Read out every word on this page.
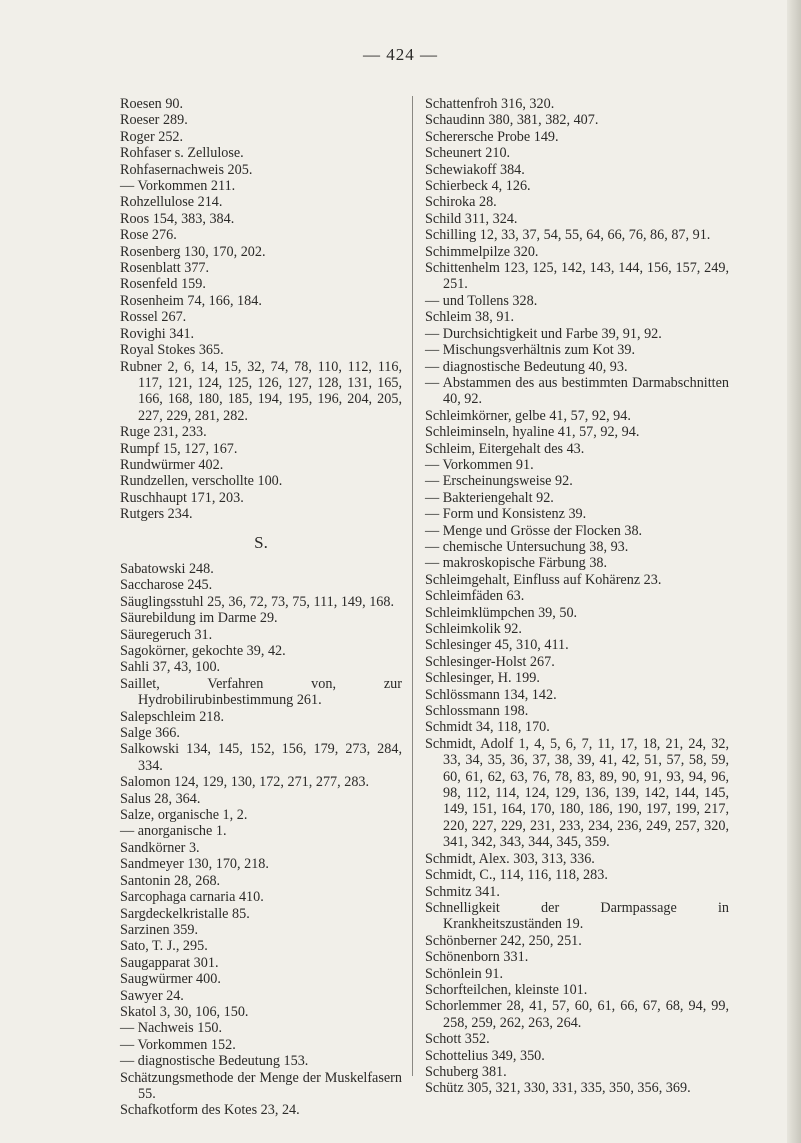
— 424 —
Roesen 90.
Roeser 289.
Roger 252.
Rohfaser s. Zellulose.
Rohfasernachweis 205.
— Vorkommen 211.
Rohzellulose 214.
Roos 154, 383, 384.
Rose 276.
Rosenberg 130, 170, 202.
Rosenblatt 377.
Rosenfeld 159.
Rosenheim 74, 166, 184.
Rossel 267.
Rovighi 341.
Royal Stokes 365.
Rubner 2, 6, 14, 15, 32, 74, 78, 110, 112, 116, 117, 121, 124, 125, 126, 127, 128, 131, 165, 166, 168, 180, 185, 194, 195, 196, 204, 205, 227, 229, 281, 282.
Ruge 231, 233.
Rumpf 15, 127, 167.
Rundwürmer 402.
Rundzellen, verschollte 100.
Ruschhaupt 171, 203.
Rutgers 234.
S.
Sabatowski 248.
Saccharose 245.
Säuglingsstuhl 25, 36, 72, 73, 75, 111, 149, 168.
Säurebildung im Darme 29.
Säuregeruch 31.
Sagokörner, gekochte 39, 42.
Sahli 37, 43, 100.
Saillet, Verfahren von, zur Hydrobilirubinbestimmung 261.
Salepschleim 218.
Salge 366.
Salkowski 134, 145, 152, 156, 179, 273, 284, 334.
Salomon 124, 129, 130, 172, 271, 277, 283.
Salus 28, 364.
Salze, organische 1, 2.
— anorganische 1.
Sandkörner 3.
Sandmeyer 130, 170, 218.
Santonin 28, 268.
Sarcophaga carnaria 410.
Sargdeckelkristalle 85.
Sarzinen 359.
Sato, T. J., 295.
Saugapparat 301.
Saugwürmer 400.
Sawyer 24.
Skatol 3, 30, 106, 150.
— Nachweis 150.
— Vorkommen 152.
— diagnostische Bedeutung 153.
Schätzungsmethode der Menge der Muskelfasern 55.
Schafkotform des Kotes 23, 24.
Schattenfroh 316, 320.
Schaudinn 380, 381, 382, 407.
Scherersche Probe 149.
Scheunert 210.
Schewiakoff 384.
Schierbeck 4, 126.
Schiroka 28.
Schild 311, 324.
Schilling 12, 33, 37, 54, 55, 64, 66, 76, 86, 87, 91.
Schimmelpilze 320.
Schittenhelm 123, 125, 142, 143, 144, 156, 157, 249, 251.
— und Tollens 328.
Schleim 38, 91.
— Durchsichtigkeit und Farbe 39, 91, 92.
— Mischungsverhältnis zum Kot 39.
— diagnostische Bedeutung 40, 93.
— Abstammen des aus bestimmten Darmabschnitten 40, 92.
Schleimkörner, gelbe 41, 57, 92, 94.
Schleiminseln, hyaline 41, 57, 92, 94.
Schleim, Eitergehalt des 43.
— Vorkommen 91.
— Erscheinungsweise 92.
— Bakteriengehalt 92.
— Form und Konsistenz 39.
— Menge und Grösse der Flocken 38.
— chemische Untersuchung 38, 93.
— makroskopische Färbung 38.
Schleimgehalt, Einfluss auf Kohärenz 23.
Schleimfäden 63.
Schleimklümpchen 39, 50.
Schleimkolik 92.
Schlesinger 45, 310, 411.
Schlesinger-Holst 267.
Schlesinger, H. 199.
Schlössmann 134, 142.
Schlossmann 198.
Schmidt 34, 118, 170.
Schmidt, Adolf 1, 4, 5, 6, 7, 11, 17, 18, 21, 24, 32, 33, 34, 35, 36, 37, 38, 39, 41, 42, 51, 57, 58, 59, 60, 61, 62, 63, 76, 78, 83, 89, 90, 91, 93, 94, 96, 98, 112, 114, 124, 129, 136, 139, 142, 144, 145, 149, 151, 164, 170, 180, 186, 190, 197, 199, 217, 220, 227, 229, 231, 233, 234, 236, 249, 257, 320, 341, 342, 343, 344, 345, 359.
Schmidt, Alex. 303, 313, 336.
Schmidt, C., 114, 116, 118, 283.
Schmitz 341.
Schnelligkeit der Darmpassage in Krankheitszuständen 19.
Schönberner 242, 250, 251.
Schönenborn 331.
Schönlein 91.
Schorfteilchen, kleinste 101.
Schorlemmer 28, 41, 57, 60, 61, 66, 67, 68, 94, 99, 258, 259, 262, 263, 264.
Schott 352.
Schottelius 349, 350.
Schuberg 381.
Schütz 305, 321, 330, 331, 335, 350, 356, 369.
